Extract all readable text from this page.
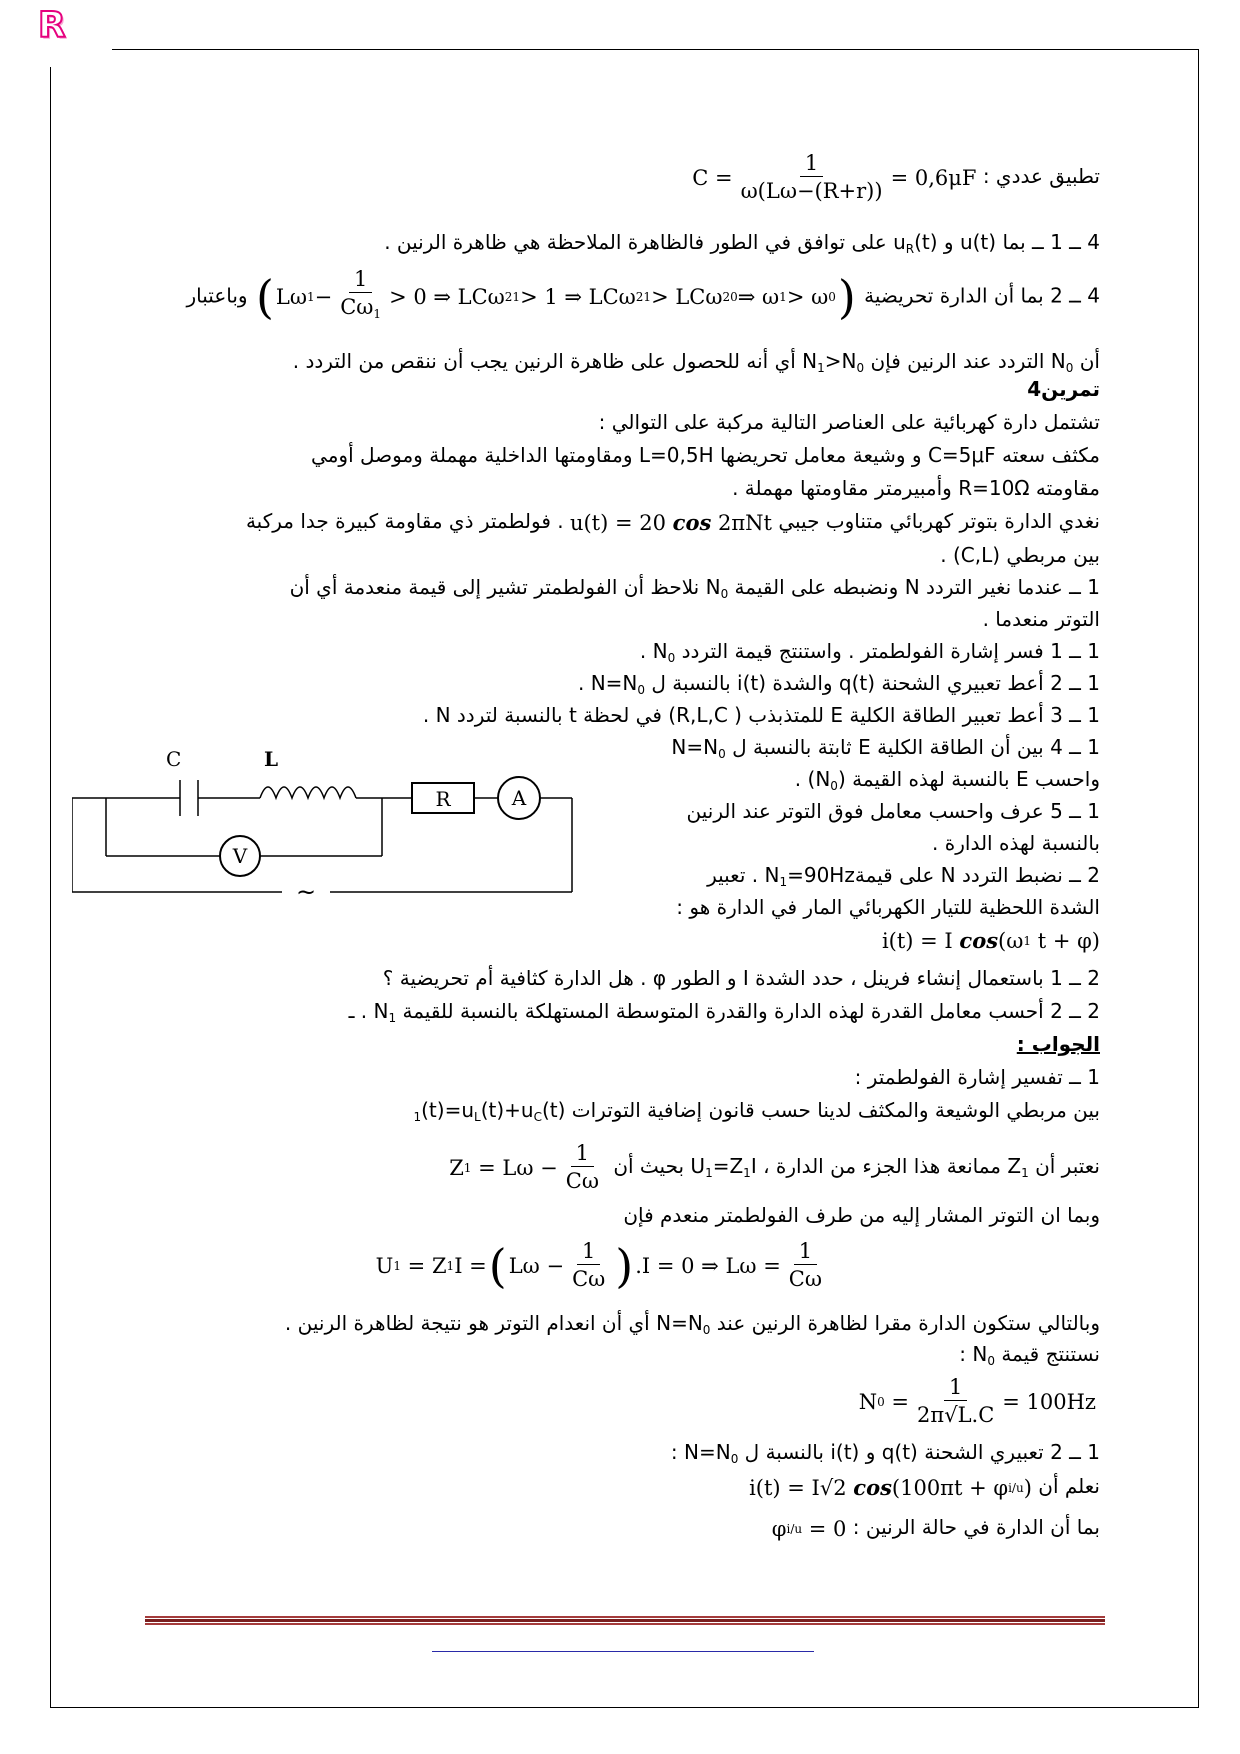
R
تطبيق عددي :
$C = \frac{1}{\omega(L\omega-(R+r))} = 0,6\mu F$
4 ــ 1 ــ بما u(t) و $u_R(t)$ على توافق في الطور فالظاهرة الملاحظة هي ظاهرة الرنين .
4 ــ 2 بما أن الدارة تحريضية
( Lω $1 - \frac{1}{C\omega_1} > 0$ ⇒ LCω 2 1 > 1 ⇒ LCω 2 1 > LCω 2 0 ⇒ ω 1 > ω 0 )
وباعتبار
أن $N_0$ التردد عند الرنين فإن $N_1>N_0$ أي أنه للحصول على ظاهرة الرنين يجب أن ننقص من التردد .
تمرين4
تشتمل دارة كهربائية على العناصر التالية مركبة على التوالي :
مكثف سعته C=5μF و وشيعة معامل تحريضها L=0,5H ومقاومتها الداخلية مهملة وموصل أومي
مقاومته R=10Ω وأمبيرمتر مقاومتها مهملة .
نغدي الدارة بتوتر كهربائي متناوب جيبي
u(t) = 20
cos
2πNt
. فولطمتر ذي مقاومة كبيرة جدا مركبة
بين مربطي (C,L) .
1 ــ عندما نغير التردد N ونضبطه على القيمة $N_0$ نلاحظ أن الفولطمتر تشير إلى قيمة منعدمة أي أن
التوتر منعدما .
1 ــ 1 فسر إشارة الفولطمتر . واستنتج قيمة التردد $N_0$ .
1 ــ 2 أعط تعبيري الشحنة q(t) والشدة i(t) بالنسبة ل $N=N_0$ .
1 ــ 3 أعط تعبير الطاقة الكلية E للمتذبذب ( R,L,C) في لحظة t بالنسبة لتردد N .
1 ــ 4 بين أن الطاقة الكلية E ثابتة بالنسبة ل $N=N_0$
واحسب E بالنسبة لهذه القيمة $(N_0)$ .
1 ــ 5 عرف واحسب معامل فوق التوتر عند الرنين
بالنسبة لهذه الدارة .
2 ــ نضبط التردد N على قيمةN$_1$=90Hz . تعبير
الشدة اللحظية للتيار الكهربائي المار في الدارة هو :
i(t) = I
cos (ω 1
t + φ)
2 ــ 1 باستعمال إنشاء فرينل ، حدد الشدة I و الطور φ . هل الدارة كثافية أم تحريضية ؟
2 ــ 2 أحسب معامل القدرة لهذه الدارة والقدرة المتوسطة المستهلكة بالنسبة للقيمة $N_1$ . ـ
C	L
R	A
V
~
الجواب :
1 ــ تفسير إشارة الفولطمتر :
بين مربطي الوشيعة والمكثف لدينا حسب قانون إضافية التوترات $_1(t)=u_L(t)+u_C(t)$
نعتبر أن $Z_1$ ممانعة هذا الجزء من الدارة ، $U_1=Z_1I$ بحيث أن
Z 1
= $L\omega - \frac{1}{C\omega}$
وبما ان التوتر المشار إليه من طرف الفولطمتر منعدم فإن
U 1
= Z 1 I = ( $L\omega - \frac{1}{C\omega}$ ) .I = 0 ⇒ $L\omega = \frac{1}{C\omega}$
وبالتالي ستكون الدارة مقرا لظاهرة الرنين عند $N=N_0$ أي أن انعدام التوتر هو نتيجة لظاهرة الرنين .
نستنتج قيمة $N_0$ :
N 0
= $\frac{1}{2\pi√L.C} = 100Hz$
1 ــ 2 تعبيري الشحنة q(t) و i(t) بالنسبة ل $N=N_0$ :
نعلم أن
i(t) = I√2
cos (100πt + φ i/u )
بما أن الدارة في حالة الرنين :
φ i/u
= 0
